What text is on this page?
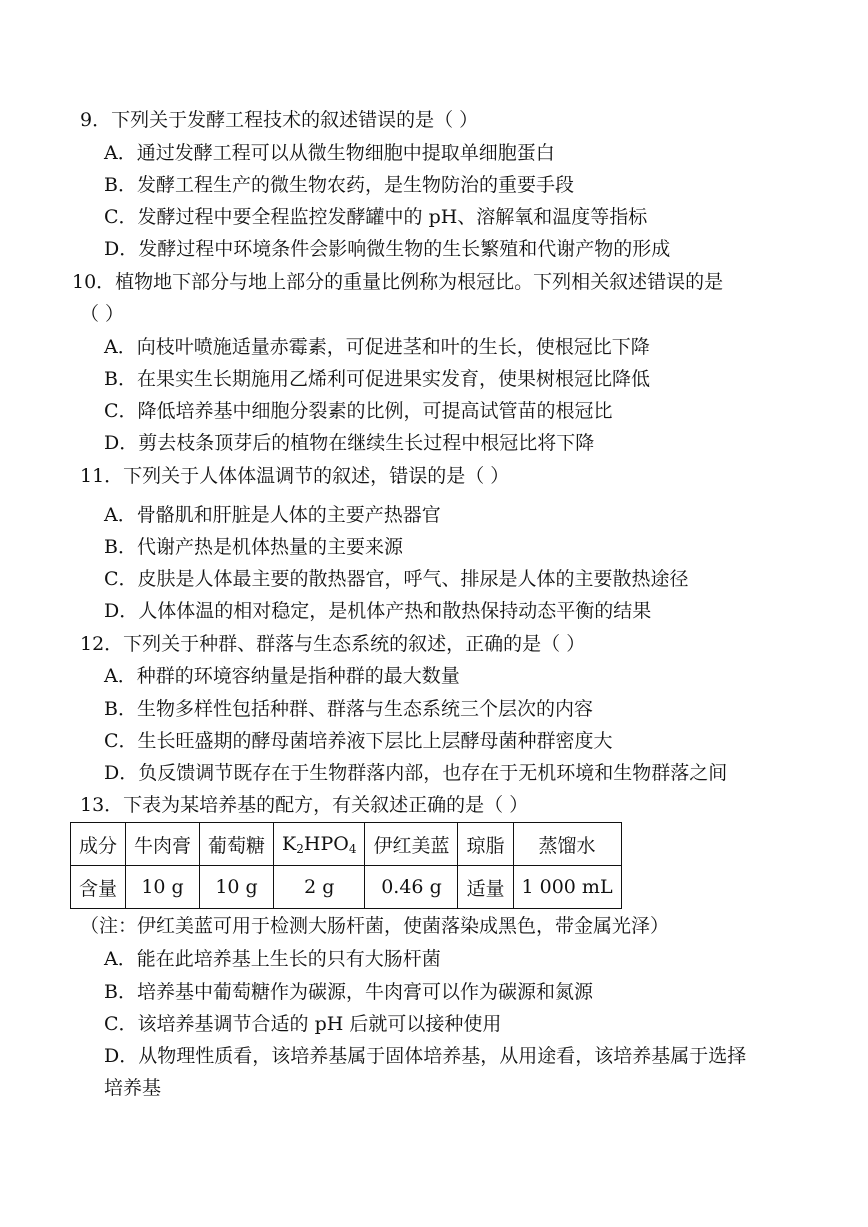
9．下列关于发酵工程技术的叙述错误的是（ ）
A．通过发酵工程可以从微生物细胞中提取单细胞蛋白
B．发酵工程生产的微生物农药，是生物防治的重要手段
C．发酵过程中要全程监控发酵罐中的 pH、溶解氧和温度等指标
D．发酵过程中环境条件会影响微生物的生长繁殖和代谢产物的形成
10．植物地下部分与地上部分的重量比例称为根冠比。下列相关叙述错误的是
（ ）
A．向枝叶喷施适量赤霉素，可促进茎和叶的生长，使根冠比下降
B．在果实生长期施用乙烯利可促进果实发育，使果树根冠比降低
C．降低培养基中细胞分裂素的比例，可提高试管苗的根冠比
D．剪去枝条顶芽后的植物在继续生长过程中根冠比将下降
11．下列关于人体体温调节的叙述，错误的是（ ）
A．骨骼肌和肝脏是人体的主要产热器官
B．代谢产热是机体热量的主要来源
C．皮肤是人体最主要的散热器官，呼气、排尿是人体的主要散热途径
D．人体体温的相对稳定，是机体产热和散热保持动态平衡的结果
12．下列关于种群、群落与生态系统的叙述，正确的是（ ）
A．种群的环境容纳量是指种群的最大数量
B．生物多样性包括种群、群落与生态系统三个层次的内容
C．生长旺盛期的酵母菌培养液下层比上层酵母菌种群密度大
D．负反馈调节既存在于生物群落内部，也存在于无机环境和生物群落之间
13．下表为某培养基的配方，有关叙述正确的是（ ）
成分	牛肉膏	葡萄糖	$K_2HPO_4$	伊红美蓝	琼脂	蒸馏水
含量	10 g	10 g	2 g	0.46 g	适量	1 000 mL
（注：伊红美蓝可用于检测大肠杆菌，使菌落染成黑色，带金属光泽）
A．能在此培养基上生长的只有大肠杆菌
B．培养基中葡萄糖作为碳源，牛肉膏可以作为碳源和氮源
C．该培养基调节合适的 pH 后就可以接种使用
D．从物理性质看，该培养基属于固体培养基，从用途看，该培养基属于选择
培养基
